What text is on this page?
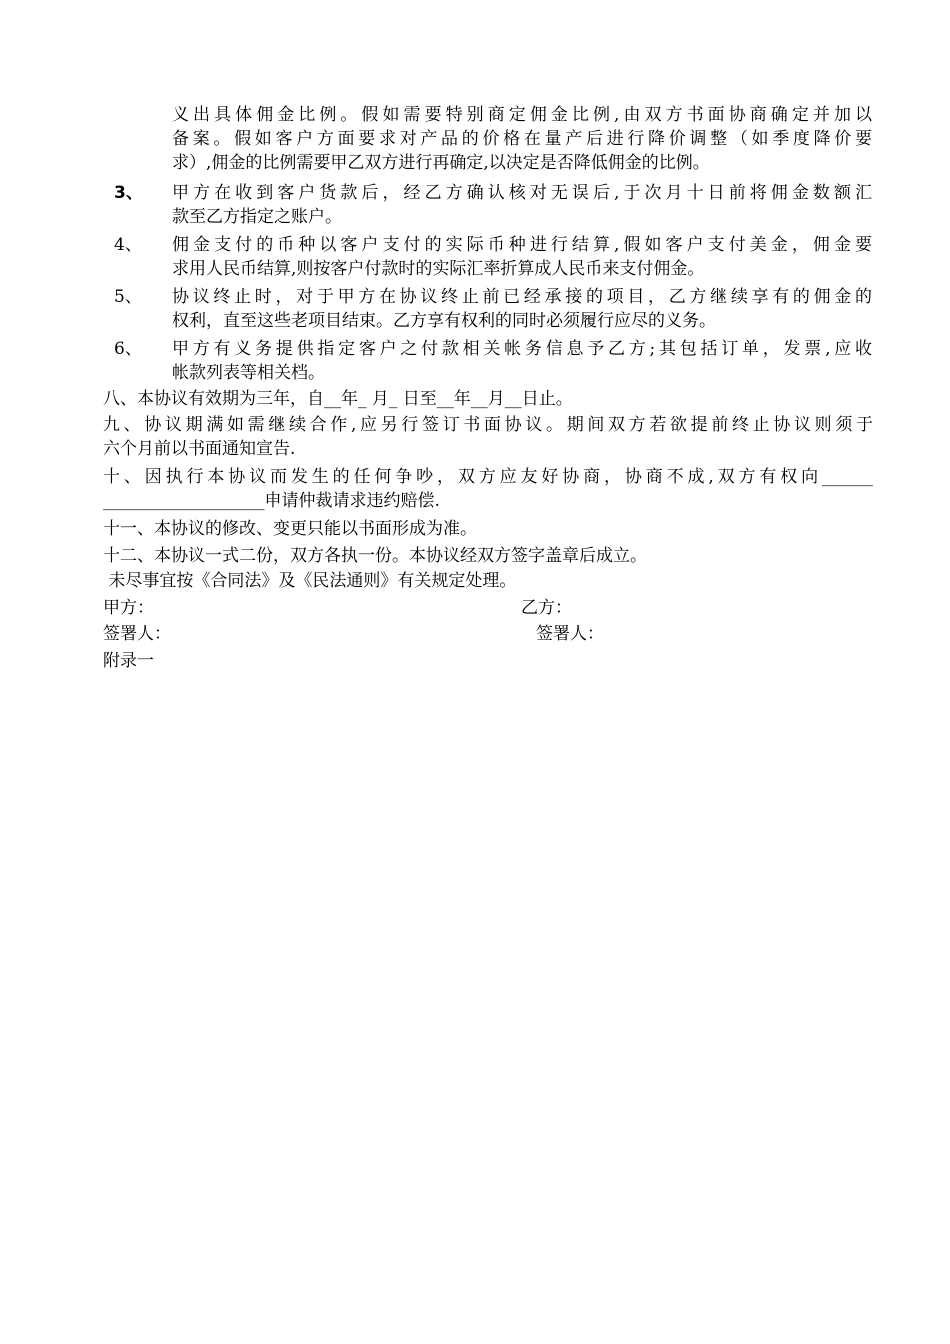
义出具体佣金比例。假如需要特别商定佣金比例,由双方书面协商确定并加以
备案。假如客户方面要求对产品的价格在量产后进行降价调整（如季度降价要
求）,佣金的比例需要甲乙双方进行再确定,以决定是否降低佣金的比例。
3、	甲方在收到客户货款后，经乙方确认核对无误后,于次月十日前将佣金数额汇
款至乙方指定之账户。
4、	佣金支付的币种以客户支付的实际币种进行结算,假如客户支付美金，佣金要
求用人民币结算,则按客户付款时的实际汇率折算成人民币来支付佣金。
5、	协议终止时，对于甲方在协议终止前已经承接的项目，乙方继续享有的佣金的
权利，直至这些老项目结束。乙方享有权利的同时必须履行应尽的义务。
6、	甲方有义务提供指定客户之付款相关帐务信息予乙方;其包括订单，发票,应收
帐款列表等相关档。
八、本协议有效期为三年，自__年_ 月_ 日至__年__月__日止。
九、协议期满如需继续合作,应另行签订书面协议。期间双方若欲提前终止协议则须于
六个月前以书面通知宣告.
十、因执行本协议而发生的任何争吵，双方应友好协商，协商不成,双方有权向______
___________________申请仲裁请求违约赔偿.
十一、本协议的修改、变更只能以书面形成为准。
十二、本协议一式二份，双方各执一份。本协议经双方签字盖章后成立。
未尽事宜按《合同法》及《民法通则》有关规定处理。
甲方：	乙方：
签署人：	签署人：
附录一
